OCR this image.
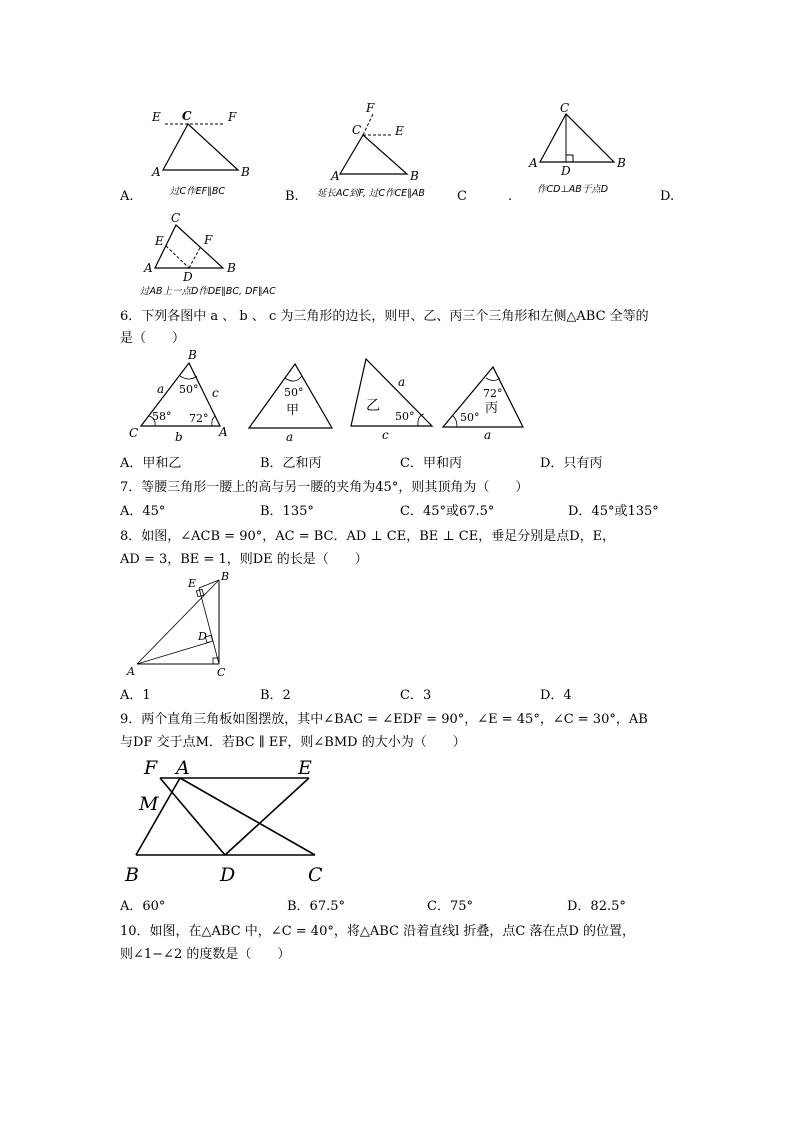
E C	F
A	B
过C作EF∥BC
A.
F
C	E
A	B
延长AC到F, 过C作CE∥AB
B.
C
A	B
D
作CD⊥AB于点D
C	.	D.
C
E	F
A
D
B
过AB上一点D作DE∥BC, DF∥AC
6．下列各图中 a 、 b 、 c 为三角形的边长，则甲、乙、丙三个三角形和左侧△ABC 全等的
是（　　）
B
a 50° c
58° 72°
C	A
b
50°
甲
a
乙
a
50°
c
72°
丙
50°
a
A．甲和乙	B．乙和丙	C．甲和丙	D．只有丙
7．等腰三角形一腰上的高与另一腰的夹角为45°，则其顶角为（　　）
A．45°	B．135°	C．45°或67.5°	D．45°或135°
8．如图，∠ACB = 90°，AC = BC．AD ⊥ CE，BE ⊥ CE，垂足分别是点D，E，
AD = 3，BE = 1，则DE 的长是（　　）
E
B
D
A	C
A．1	B．2	C．3	D．4
9．两个直角三角板如图摆放，其中∠BAC = ∠EDF = 90°，∠E = 45°，∠C = 30°，AB
与DF 交于点M．若BC ∥ EF，则∠BMD 的大小为（　　）
F A	E
M
B	D	C
A．60°	B．67.5°	C．75°	D．82.5°
10．如图，在△ABC 中，∠C = 40°，将△ABC 沿着直线l 折叠，点C 落在点D 的位置，
则∠1−∠2 的度数是（　　）
